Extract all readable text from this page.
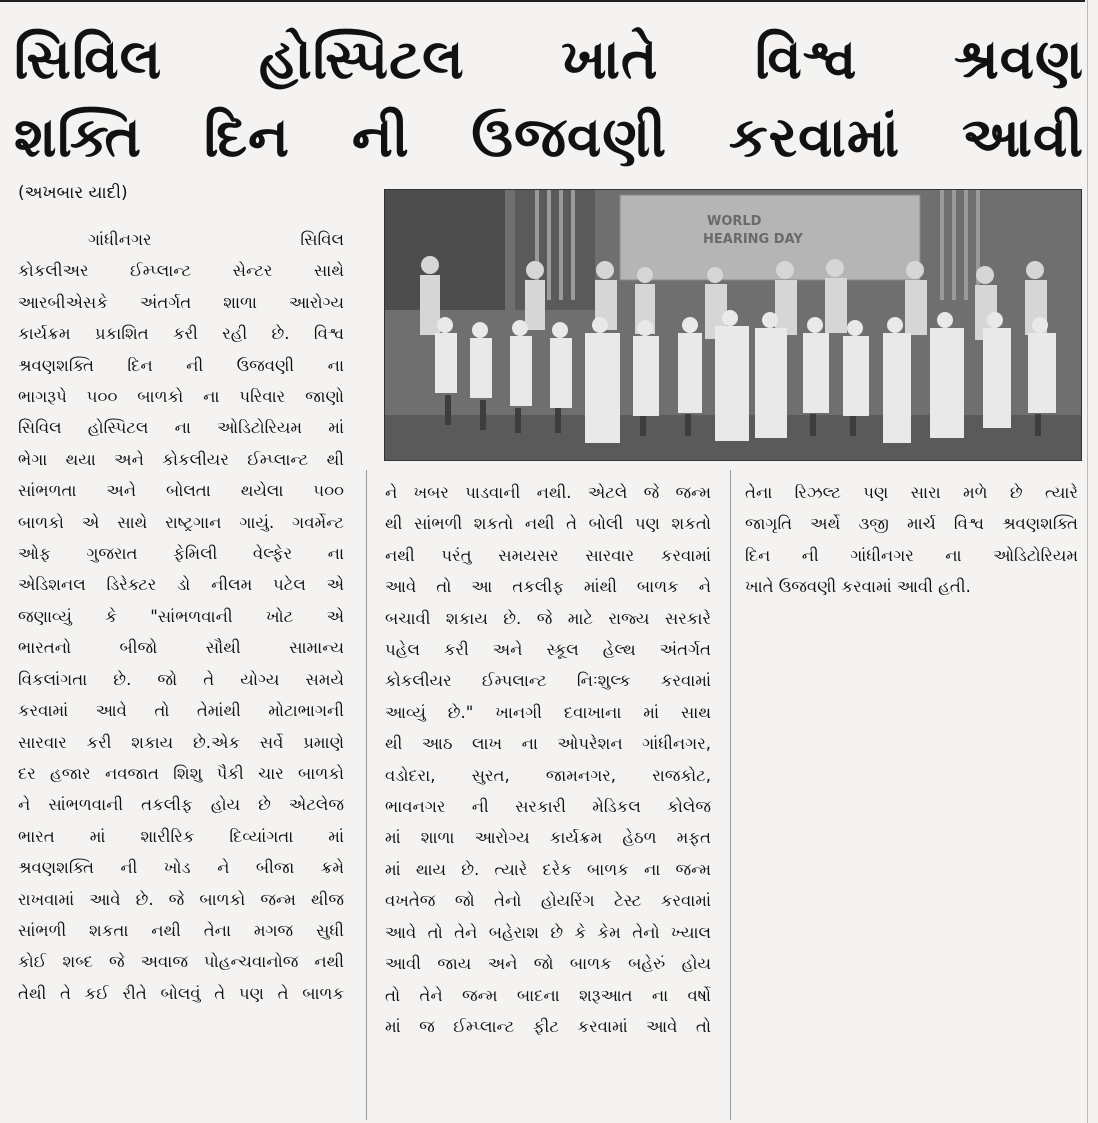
સિવિલ હોસ્પિટલ ખાતે વિશ્વ શ્રવણ
શક્તિ દિન ની ઉજવણી કરવામાં આવી
(અખબાર યાદી)
WORLD
HEARING DAY

ગાંધીનગર સિવિલ

કોકલીઅર ઈમ્પ્લાન્ટ સેન્ટર સાથે

આરબીએસકે અંતર્ગત શાળા આરોગ્ય

કાર્યક્રમ પ્રકાશિત કરી રહી છે. વિશ્વ

શ્રવણશક્તિ દિન ની ઉજવણી ના

ભાગરૂપે ૫૦૦ બાળકો ના પરિવાર જાણો

સિવિલ હોસ્પિટલ ના ઓડિટોરિયમ માં

ભેગા થયા અને કોકલીયર ઈમ્પ્લાન્ટ થી

સાંભળતા અને બોલતા થયેલા ૫૦૦

બાળકો એ સાથે રાષ્ટ્રગાન ગાયું. ગવર્મેન્ટ

ઓફ ગુજરાત ફેમિલી વેલ્ફેર ના

એડિશનલ ડિરેક્ટર ડો નીલમ પટેલ એ

જણાવ્યું કે "સાંભળવાની ખોટ એ

ભારતનો બીજો સૌથી સામાન્ય

વિકલાંગતા છે. જો તે યોગ્ય સમયે

કરવામાં આવે તો તેમાંથી મોટાભાગની

સારવાર કરી શકાય છે.એક સર્વે પ્રમાણે

દર હજાર નવજાત શિશુ પૈકી ચાર બાળકો

ને સાંભળવાની તકલીફ હોય છે એટલેજ

ભારત માં શારીરિક દિવ્યાંગતા માં

શ્રવણશક્તિ ની ખોડ ને બીજા ક્રમે

રાખવામાં આવે છે. જે બાળકો જન્મ થીજ

સાંભળી શકતા નથી તેના મગજ સુધી

કોઈ શબ્દ જે અવાજ પોહન્ચવાનોજ નથી

તેથી તે કઈ રીતે બોલવું તે પણ તે બાળક

ને ખબર પાડવાની નથી. એટલે જે જન્મ

થી સાંભળી શકતો નથી તે બોલી પણ શકતો

નથી પરંતુ સમયસર સારવાર કરવામાં

આવે તો આ તકલીફ માંથી બાળક ને

બચાવી શકાય છે. જે માટે રાજ્ય સરકારે

પહેલ કરી અને સ્કૂલ હેલ્થ અંતર્ગત

કોકલીયર ઈમ્પલાન્ટ નિઃશુલ્ક કરવામાં

આવ્યું છે." ખાનગી દવાખાના માં સાથ

થી આઠ લાખ ના ઓપરેશન ગાંધીનગર,

વડોદરા, સુરત, જામનગર, રાજકોટ,

ભાવનગર ની સરકારી મેડિકલ કોલેજ

માં શાળા આરોગ્ય કાર્યક્રમ હેઠળ મફત

માં થાય છે. ત્યારે દરેક બાળક ના જન્મ

વખતેજ જો તેનો હોયરિંગ ટેસ્ટ કરવામાં

આવે તો તેને બહેરાશ છે કે કેમ તેનો ખ્યાલ

આવી જાય અને જો બાળક બહેરું હોય

તો તેને જન્મ બાદના શરૂઆત ના વર્ષો

માં જ ઈમ્પ્લાન્ટ ફીટ કરવામાં આવે તો

તેના રિઝલ્ટ પણ સારા મળે છે ત્યારે

જાગૃતિ અર્થે ૩જી માર્ચ વિશ્વ શ્રવણશક્તિ

દિન ની ગાંધીનગર ના ઓડિટોરિયમ

ખાતે ઉજવણી કરવામાં આવી હતી.
